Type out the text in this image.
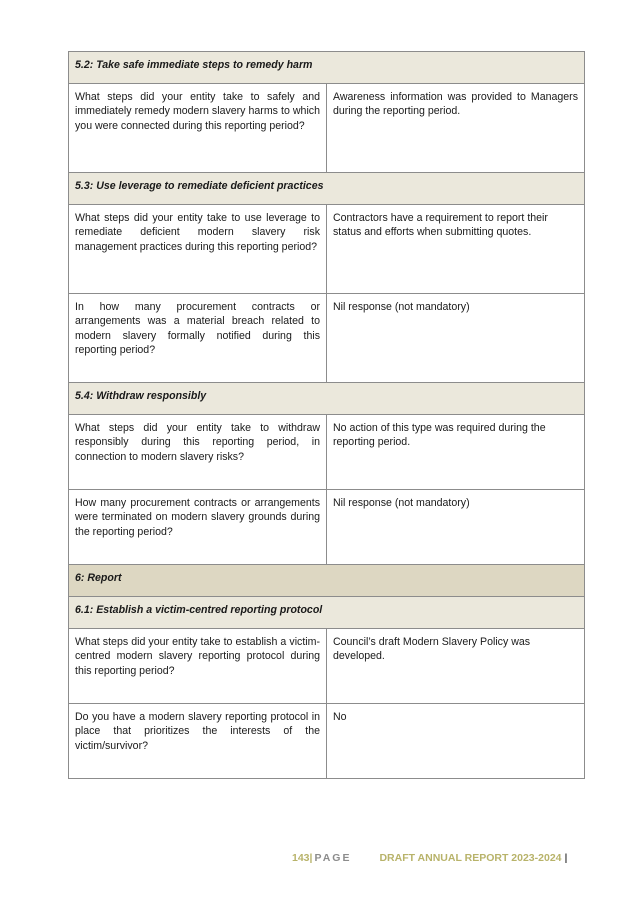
5.2: Take safe immediate steps to remedy harm	
What steps did your entity take to safely and immediately remedy modern slavery harms to which you were connected during this reporting period?	Awareness information was provided to Managers during the reporting period.
5.3: Use leverage to remediate deficient practices	
What steps did your entity take to use leverage to remediate deficient modern slavery risk management practices during this reporting period?	Contractors have a requirement to report their status and efforts when submitting quotes.
In how many procurement contracts or arrangements was a material breach related to modern slavery formally notified during this reporting period?	Nil response (not mandatory)
5.4: Withdraw responsibly	
What steps did your entity take to withdraw responsibly during this reporting period, in connection to modern slavery risks?	No action of this type was required during the reporting period.
How many procurement contracts or arrangements were terminated on modern slavery grounds during the reporting period?	Nil response (not mandatory)
6: Report	
6.1: Establish a victim-centred reporting protocol	
What steps did your entity take to establish a victim-centred modern slavery reporting protocol during this reporting period?	Council’s draft Modern Slavery Policy was developed.
Do you have a modern slavery reporting protocol in place that prioritizes the interests of the victim/survivor?	No
143| PAGE	DRAFT ANNUAL REPORT 2023-2024 |
